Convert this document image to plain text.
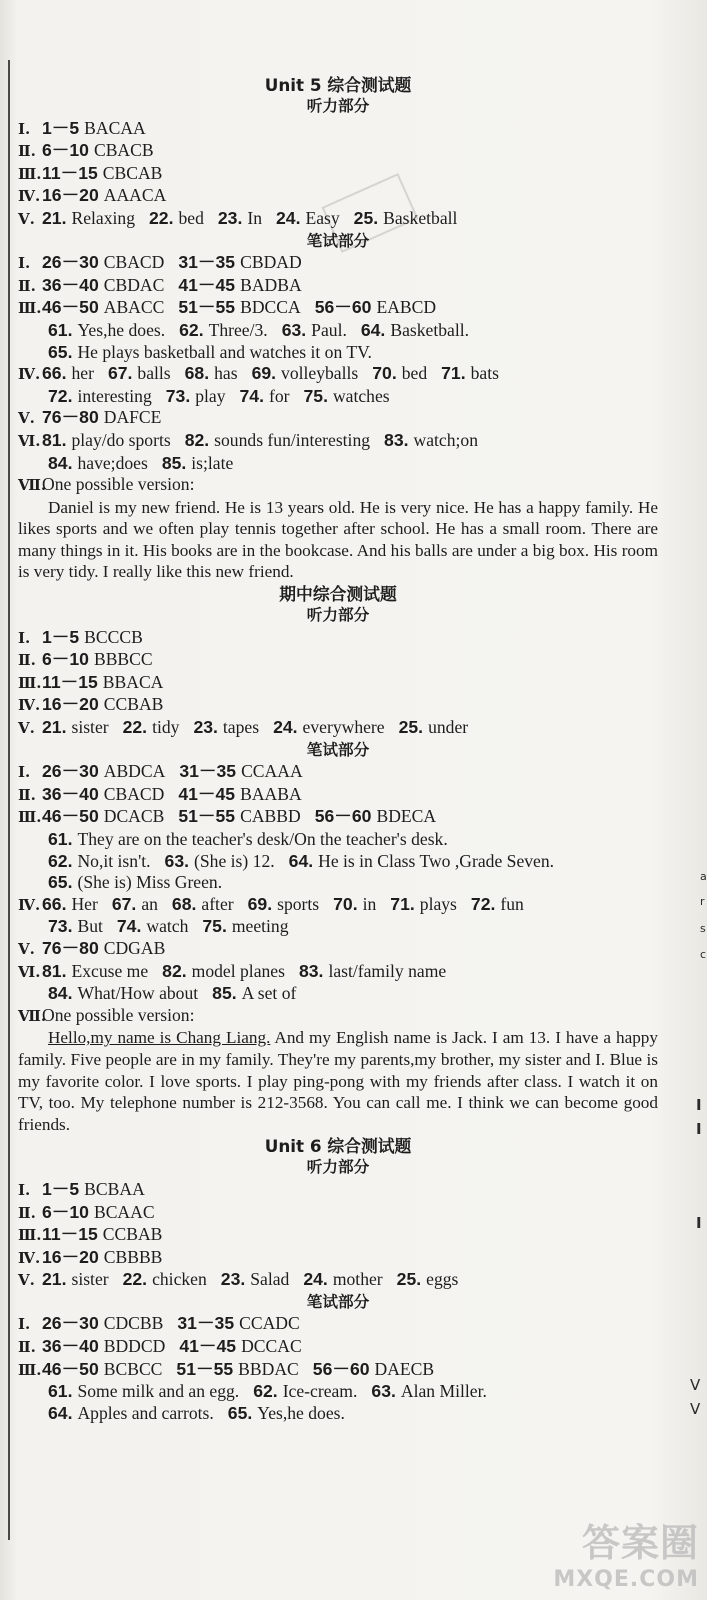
a
r
s
c
I
I
I
V
V
Unit 5 综合测试题
听力部分
Ⅰ. 1－5 BACAA
Ⅱ. 6－10 CBACB
Ⅲ.11－15 CBCAB
Ⅳ.16－20 AAACA
Ⅴ. 21. Relaxing 22. bed 23. In 24. Easy 25. Basketball
笔试部分
Ⅰ. 26－30 CBACD 31－35 CBDAD
Ⅱ. 36－40 CBDAC 41－45 BADBA
Ⅲ.46－50 ABACC 51－55 BDCCA 56－60 EABCD
61. Yes,he does. 62. Three/3. 63. Paul. 64. Basketball.
65. He plays basketball and watches it on TV.
Ⅳ.66. her 67. balls 68. has 69. volleyballs 70. bed 71. bats
72. interesting 73. play 74. for 75. watches
Ⅴ. 76－80 DAFCE
Ⅵ.81. play/do sports 82. sounds fun/interesting 83. watch;on
84. have;does 85. is;late
Ⅶ.One possible version:
Daniel is my new friend. He is 13 years old. He is very nice. He has a happy family. He likes sports and we often play tennis together after school. He has a small room. There are many things in it. His books are in the bookcase. And his balls are under a big box. His room is very tidy. I really like this new friend.
期中综合测试题
听力部分
Ⅰ. 1－5 BCCCB
Ⅱ. 6－10 BBBCC
Ⅲ.11－15 BBACA
Ⅳ.16－20 CCBAB
Ⅴ. 21. sister 22. tidy 23. tapes 24. everywhere 25. under
笔试部分
Ⅰ. 26－30 ABDCA 31－35 CCAAA
Ⅱ. 36－40 CBACD 41－45 BAABA
Ⅲ.46－50 DCACB 51－55 CABBD 56－60 BDECA
61. They are on the teacher's desk/On the teacher's desk.
62. No,it isn't. 63. (She is) 12. 64. He is in Class Two ,Grade Seven.
65. (She is) Miss Green.
Ⅳ.66. Her 67. an 68. after 69. sports 70. in 71. plays 72. fun
73. But 74. watch 75. meeting
Ⅴ. 76－80 CDGAB
Ⅵ.81. Excuse me 82. model planes 83. last/family name
84. What/How about 85. A set of
Ⅶ.One possible version:
Hello,my name is Chang Liang. And my English name is Jack. I am 13. I have a happy family. Five people are in my family. They're my parents,my brother, my sister and I. Blue is my favorite color. I love sports. I play ping-pong with my friends after class. I watch it on TV, too. My telephone number is 212-3568. You can call me. I think we can become good friends.
Unit 6 综合测试题
听力部分
Ⅰ. 1－5 BCBAA
Ⅱ. 6－10 BCAAC
Ⅲ.11－15 CCBAB
Ⅳ.16－20 CBBBB
Ⅴ. 21. sister 22. chicken 23. Salad 24. mother 25. eggs
笔试部分
Ⅰ. 26－30 CDCBB 31－35 CCADC
Ⅱ. 36－40 BDDCD 41－45 DCCAC
Ⅲ.46－50 BCBCC 51－55 BBDAC 56－60 DAECB
61. Some milk and an egg. 62. Ice-cream. 63. Alan Miller.
64. Apples and carrots. 65. Yes,he does.
答案圈
MXQE.COM
